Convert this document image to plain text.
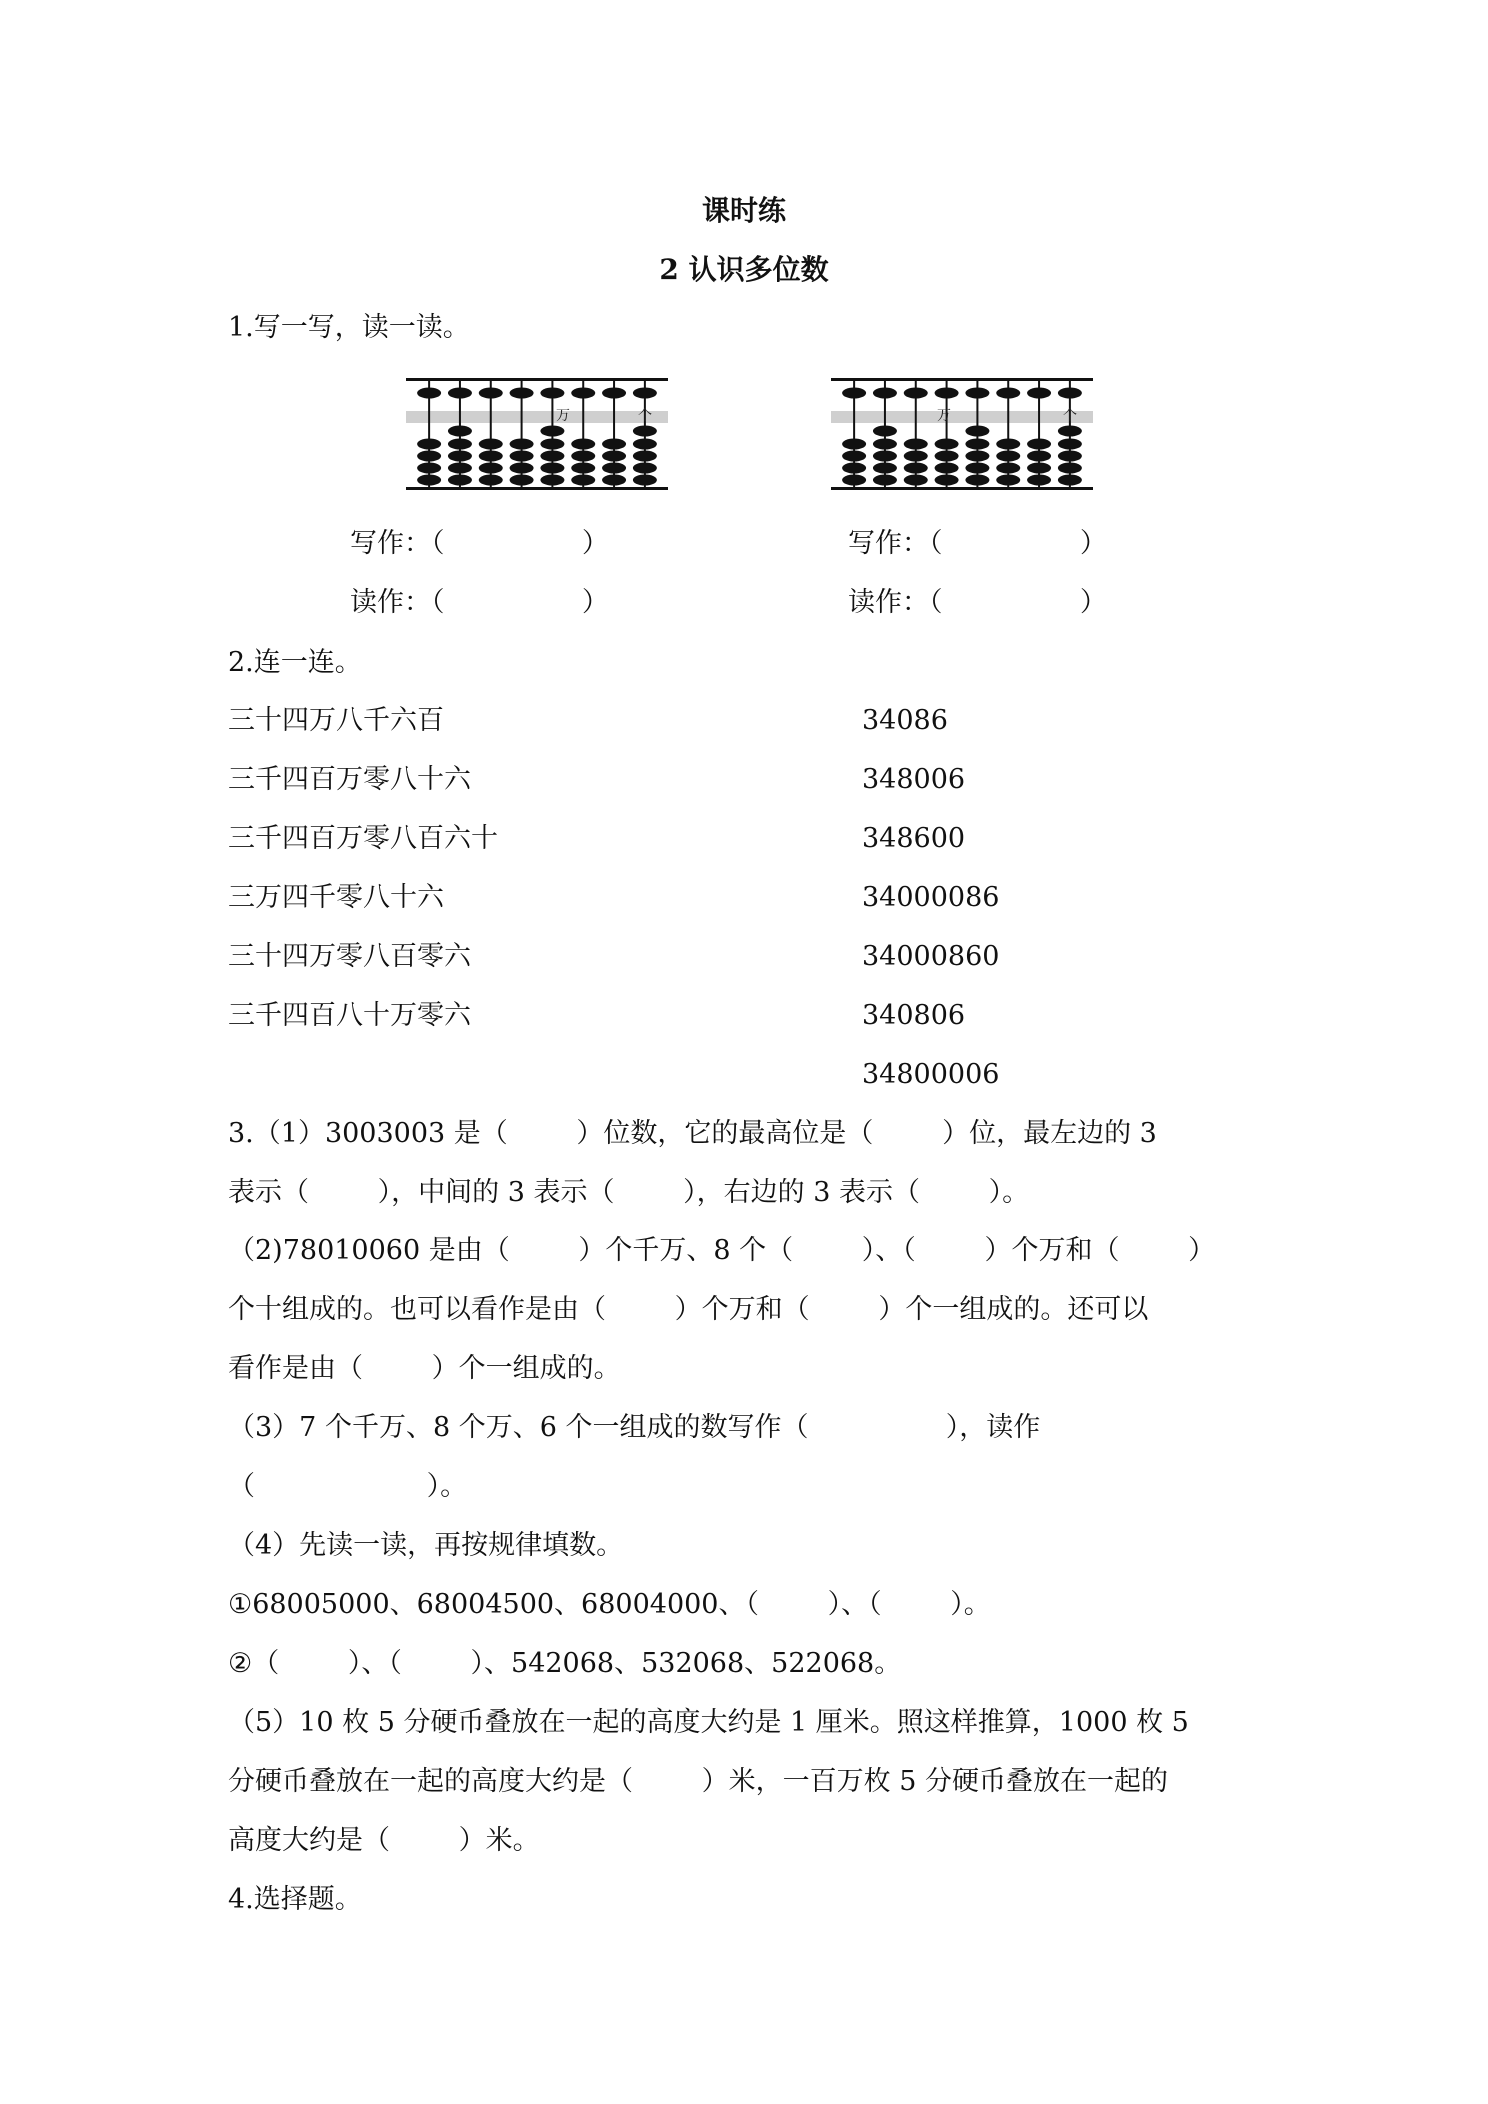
课时练
2 认识多位数
1.写一写，读一读。
万	个	万	个
写作：（                ）	写作：（                ）
读作：（                ）	读作：（                ）
2.连一连。
三十四万八千六百
三千四百万零八十六
三千四百万零八百六十
三万四千零八十六
三十四万零八百零六
三千四百八十万零六
34086
348006
348600
34000086
34000860
340806
34800006
3.（1）3003003 是（        ）位数，它的最高位是（        ）位，最左边的 3
表示（        ），中间的 3 表示（        ），右边的 3 表示（        ）。
（2)78010060 是由（        ）个千万、8 个（        ）、（        ）个万和（        ）
个十组成的。也可以看作是由（        ）个万和（        ）个一组成的。还可以
看作是由（        ）个一组成的。
（3）7 个千万、8 个万、6 个一组成的数写作（                ），读作
（                    ）。
（4）先读一读，再按规律填数。
①68005000、68004500、68004000、（        ）、（        ）。
②（        ）、（        ）、542068、532068、522068。
（5）10 枚 5 分硬币叠放在一起的高度大约是 1 厘米。照这样推算，1000 枚 5
分硬币叠放在一起的高度大约是（        ）米，一百万枚 5 分硬币叠放在一起的
高度大约是（        ）米。
4.选择题。
